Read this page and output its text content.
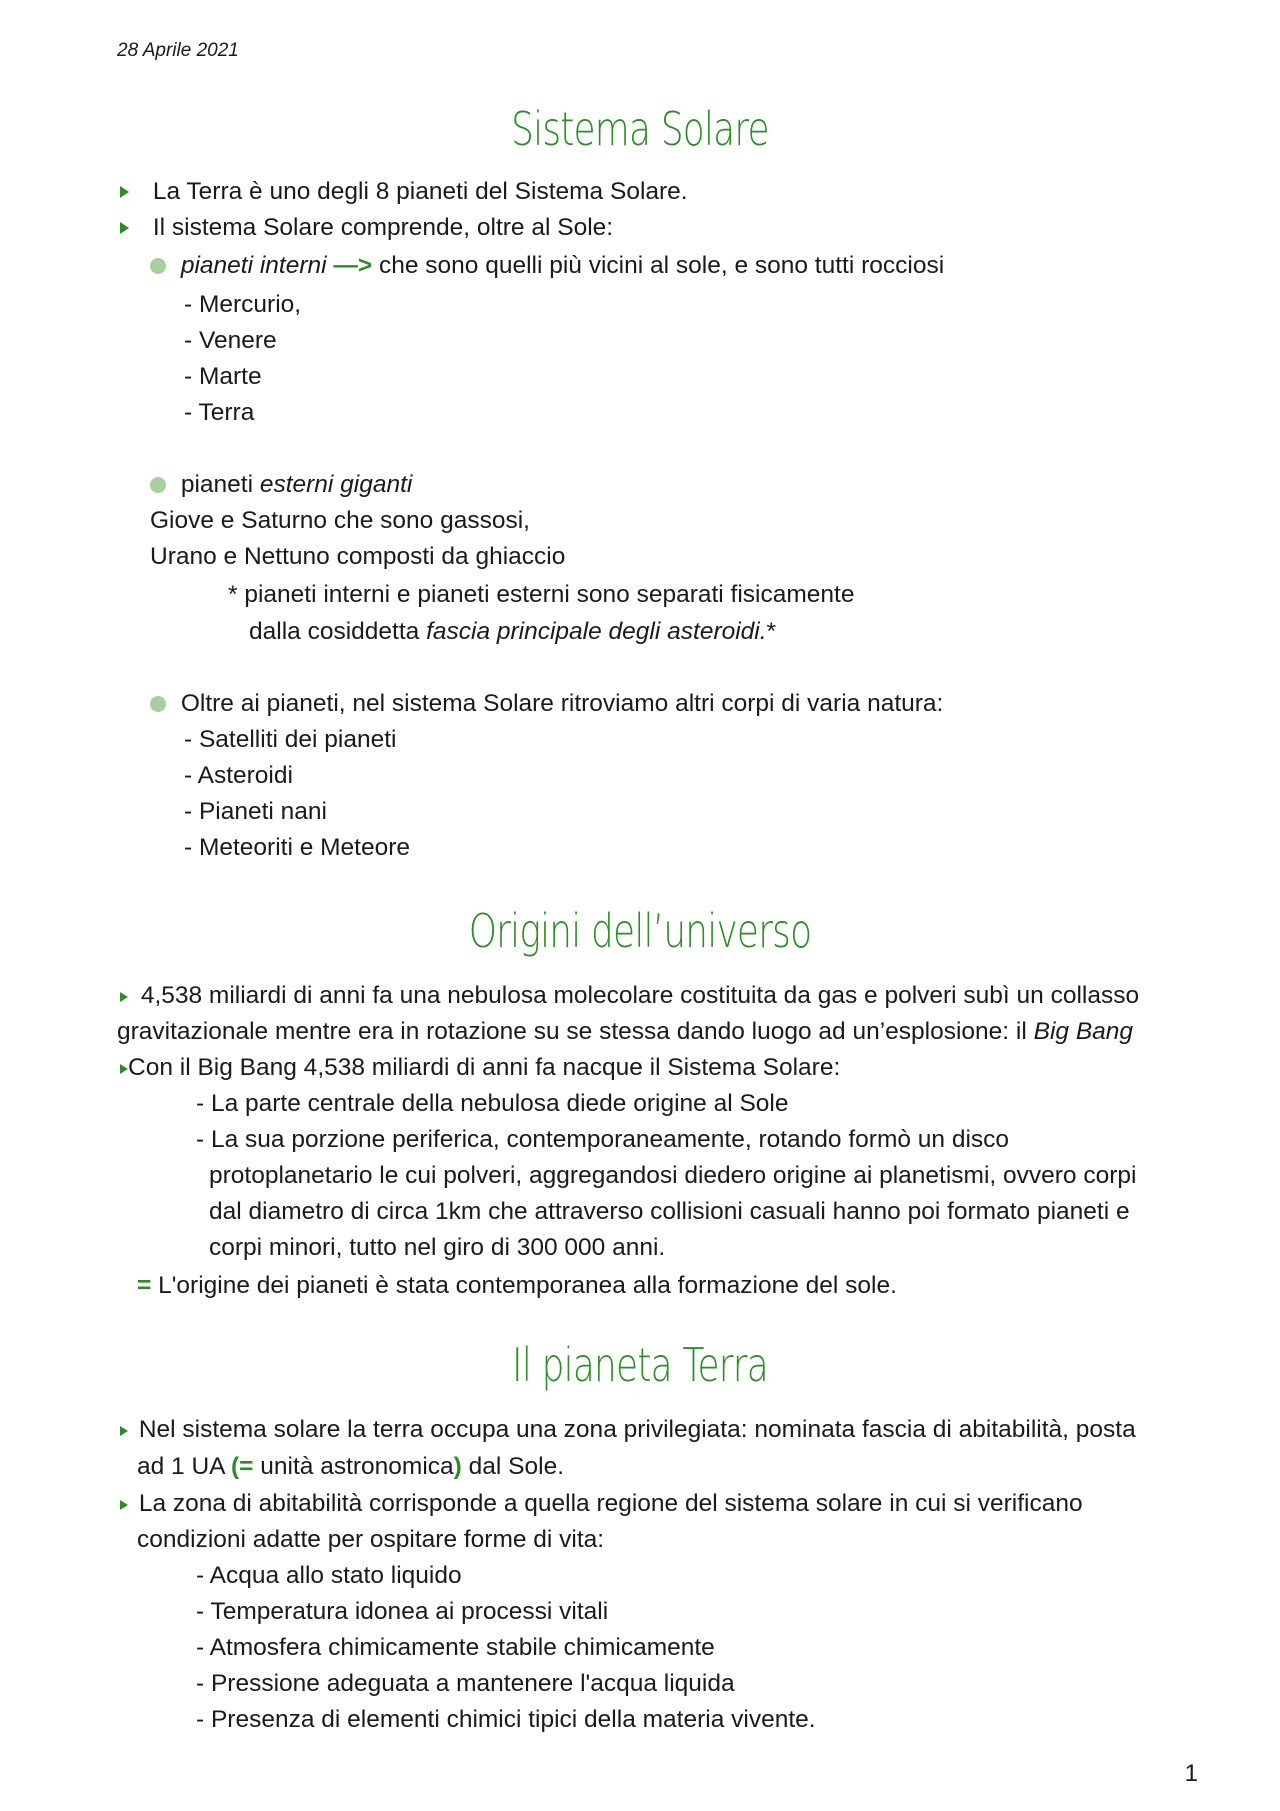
28 Aprile 2021
Sistema Solare
La Terra è uno degli 8 pianeti del Sistema Solare.
Il sistema Solare comprende, oltre al Sole:
pianeti interni —> che sono quelli più vicini al sole, e sono tutti rocciosi
- Mercurio,
- Venere
- Marte
- Terra
pianeti esterni giganti
Giove e Saturno che sono gassosi,
Urano e Nettuno composti da ghiaccio
* pianeti interni e pianeti esterni sono separati fisicamente
dalla cosiddetta fascia principale degli asteroidi.*
Oltre ai pianeti, nel sistema Solare ritroviamo altri corpi di varia natura:
- Satelliti dei pianeti
- Asteroidi
- Pianeti nani
- Meteoriti e Meteore
Origini dell’universo
4,538 miliardi di anni fa una nebulosa molecolare costituita da gas e polveri subì un collasso
gravitazionale mentre era in rotazione su se stessa dando luogo ad un’esplosione: il Big Bang
Con il Big Bang 4,538 miliardi di anni fa nacque il Sistema Solare:
- La parte centrale della nebulosa diede origine al Sole
- La sua porzione periferica, contemporaneamente, rotando formò un disco
protoplanetario le cui polveri, aggregandosi diedero origine ai planetismi, ovvero corpi
dal diametro di circa 1km che attraverso collisioni casuali hanno poi formato pianeti e
corpi minori, tutto nel giro di 300 000 anni.
= L'origine dei pianeti è stata contemporanea alla formazione del sole.
Il pianeta Terra
Nel sistema solare la terra occupa una zona privilegiata: nominata fascia di abitabilità, posta
ad 1 UA (= unità astronomica) dal Sole.
La zona di abitabilità corrisponde a quella regione del sistema solare in cui si verificano
condizioni adatte per ospitare forme di vita:
- Acqua allo stato liquido
- Temperatura idonea ai processi vitali
- Atmosfera chimicamente stabile chimicamente
- Pressione adeguata a mantenere l'acqua liquida
- Presenza di elementi chimici tipici della materia vivente.
1
